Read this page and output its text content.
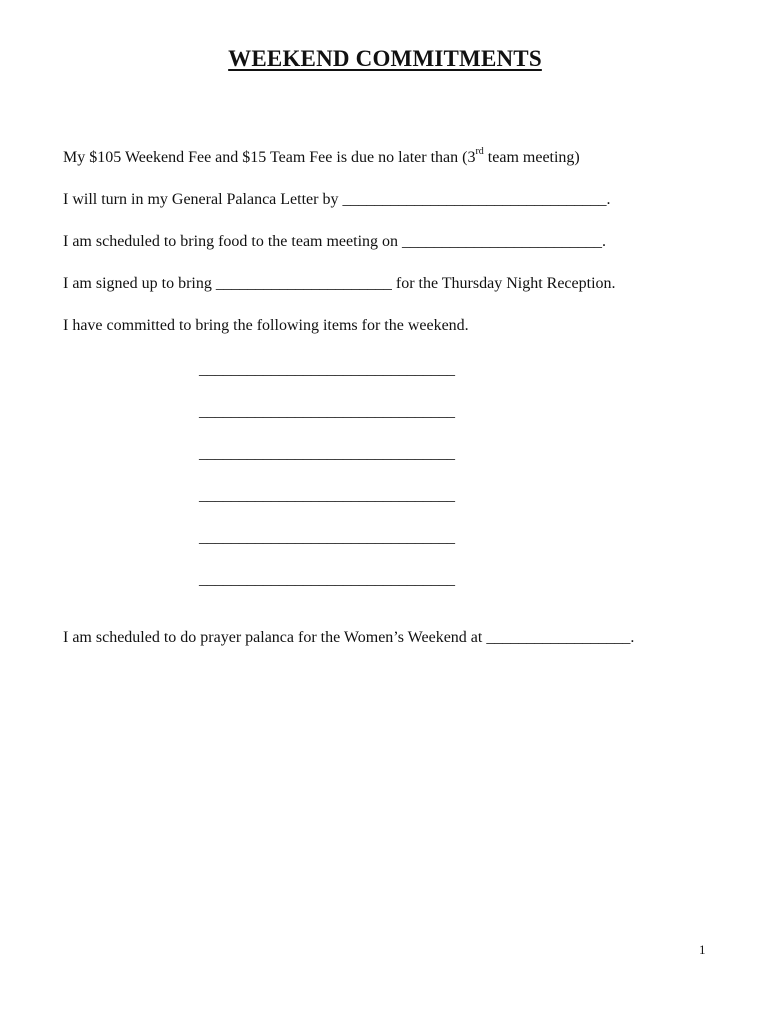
WEEKEND COMMITMENTS
My $105 Weekend Fee and $15 Team Fee is due no later than (3rd team meeting)
I will turn in my General Palanca Letter by _________________________________.
I am scheduled to bring food to the team meeting on _________________________.
I am signed up to bring ______________________ for the Thursday Night Reception.
I have committed to bring the following items for the weekend.
________________________________
________________________________
________________________________
________________________________
________________________________
________________________________
I am scheduled to do prayer palanca for the Women’s Weekend at __________________.
1
